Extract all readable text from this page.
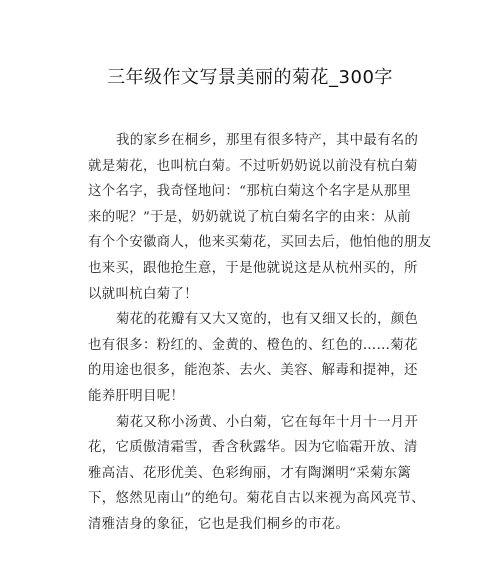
三年级作文写景美丽的菊花_300字
我的家乡在桐乡，那里有很多特产，其中最有名的
就是菊花，也叫杭白菊。不过听奶奶说以前没有杭白菊
这个名字，我奇怪地问：“那杭白菊这个名字是从那里
来的呢？”于是，奶奶就说了杭白菊名字的由来：从前
有个个安徽商人，他来买菊花，买回去后，他怕他的朋友
也来买，跟他抢生意，于是他就说这是从杭州买的，所
以就叫杭白菊了！
菊花的花瓣有又大又宽的，也有又细又长的，颜色
也有很多：粉红的、金黄的、橙色的、红色的……菊花
的用途也很多，能泡茶、去火、美容、解毒和提神，还
能养肝明目呢！
菊花又称小汤黄、小白菊，它在每年十月十一月开
花，它质傲清霜雪，香含秋露华。因为它临霜开放、清
雅高洁、花形优美、色彩绚丽，才有陶渊明“采菊东篱
下，悠然见南山”的绝句。菊花自古以来视为高风亮节、
清雅洁身的象征，它也是我们桐乡的市花。
